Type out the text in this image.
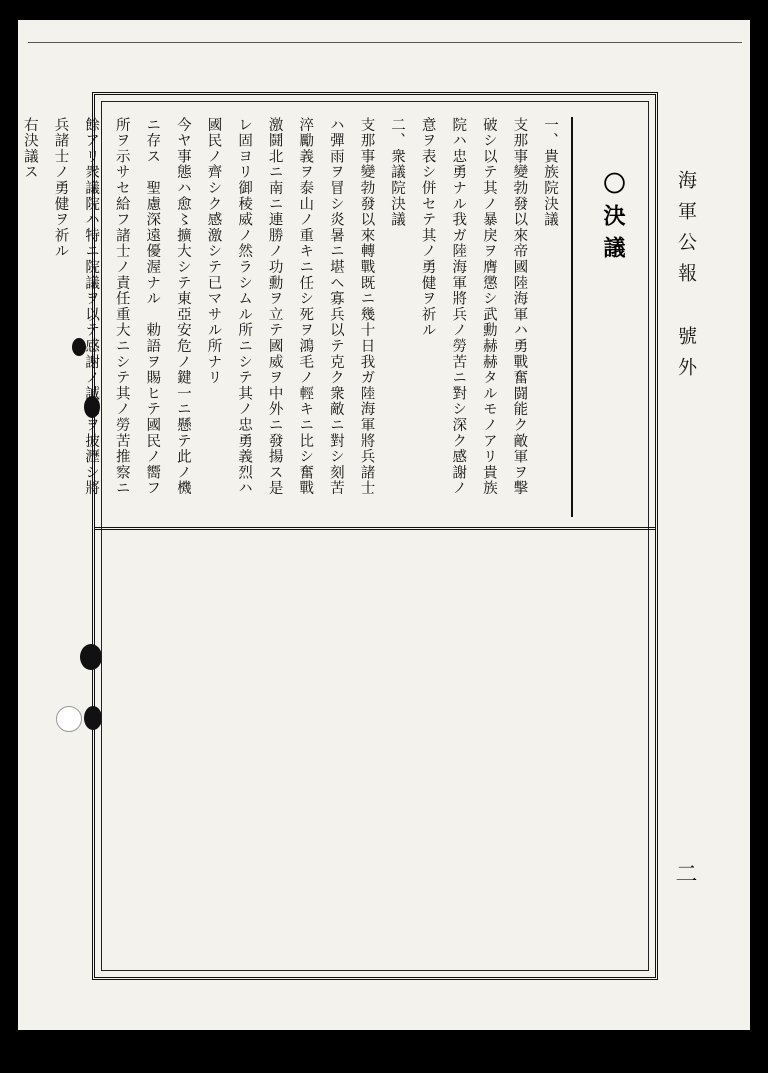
海軍公報 號外
二
〇決議

一、貴族院決議

支那事變勃發以來帝國陸海軍ハ勇戰奮闘能ク敵軍ヲ擊

破シ以テ其ノ暴戾ヲ膺懲シ武勳赫赫タルモノアリ貴族

院ハ忠勇ナル我ガ陸海軍將兵ノ勞苦ニ對シ深ク感謝ノ

意ヲ表シ併セテ其ノ勇健ヲ祈ル

二、衆議院決議

支那事變勃發以來轉戰既ニ幾十日我ガ陸海軍將兵諸士

ハ彈雨ヲ冒シ炎暑ニ堪ヘ寡兵以テ克ク衆敵ニ對シ刻苦

淬勵義ヲ泰山ノ重キニ任シ死ヲ鴻毛ノ輕キニ比シ奮戰

激鬪北ニ南ニ連勝ノ功勳ヲ立テ國威ヲ中外ニ發揚ス是

レ固ヨリ御稜威ノ然ラシムル所ニシテ其ノ忠勇義烈ハ

國民ノ齊シク感激シテ已マサル所ナリ

今ヤ事態ハ愈〻擴大シテ東亞安危ノ鍵一ニ懸テ此ノ機

ニ存ス　聖慮深遠優渥ナル　勅語ヲ賜ヒテ國民ノ嚮フ

所ヲ示サセ給フ諸士ノ責任重大ニシテ其ノ勞苦推察ニ

餘アリ衆議院ハ特ニ院議ヲ以テ感謝ノ誠意ヲ披瀝シ將

兵諸士ノ勇健ヲ祈ル

右決議ス
